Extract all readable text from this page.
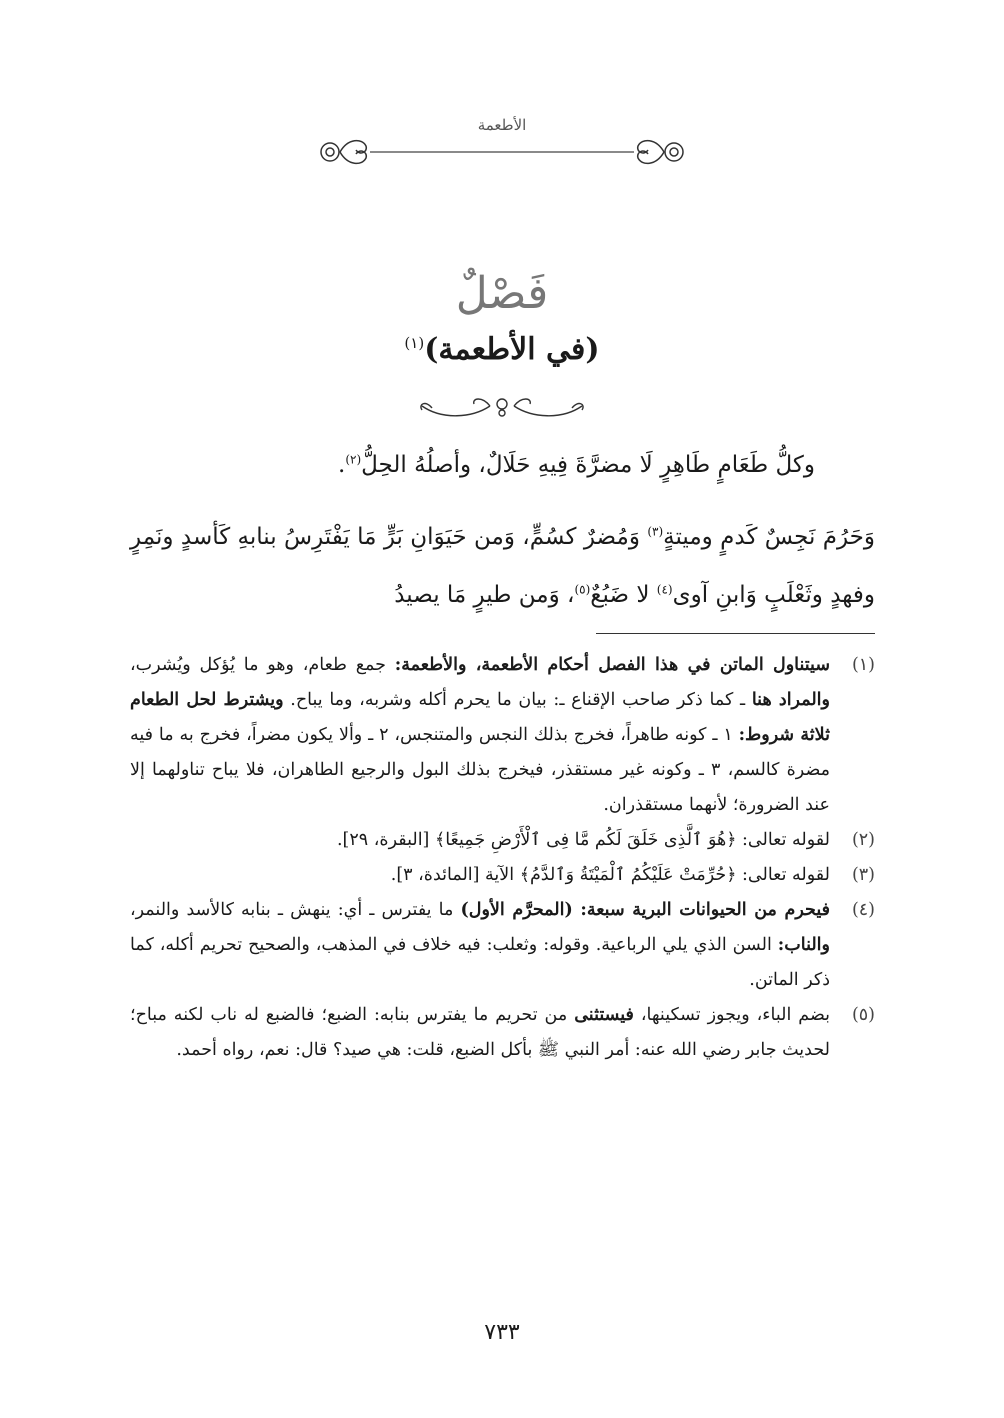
الأطعمة
فَصْلٌ
(في الأطعمة)$^{(١)}$
وكلُّ طَعَامٍ طَاهِرٍ لَا مضرَّةَ فِيهِ حَلَالٌ، وأصلُهُ الحِلُّ$^{(٢)}$.
وَحَرُمَ نَجِسٌ كَدمٍ وميتةٍ$^{(٣)}$ وَمُضرٌ كسُمٍّ، وَمن حَيَوَانِ بَرٍّ مَا يَفْتَرِسُ بنابهِ كَأسدٍ ونَمِرٍ وفهدٍ وثَعْلَبٍ وَابنِ آوى$^{(٤)}$ لا ضَبُعٌ$^{(٥)}$، وَمن طيرٍ مَا يصيدُ
(١)
سيتناول الماتن في هذا الفصل أحكام الأطعمة، والأطعمة: جمع طعام، وهو ما يُؤكل ويُشرب، والمراد هنا ـ كما ذكر صاحب الإقناع ـ: بيان ما يحرم أكله وشربه، وما يباح. ويشترط لحل الطعام ثلاثة شروط: ١ ـ كونه طاهراً، فخرج بذلك النجس والمتنجس، ٢ ـ وألا يكون مضراً، فخرج به ما فيه مضرة كالسم، ٣ ـ وكونه غير مستقذر، فيخرج بذلك البول والرجيع الطاهران، فلا يباح تناولهما إلا عند الضرورة؛ لأنهما مستقذران.
(٢)
لقوله تعالى: ﴿هُوَ ٱلَّذِى خَلَقَ لَكُم مَّا فِى ٱلْأَرْضِ جَمِيعًا﴾ [البقرة، ٢٩].
(٣)
لقوله تعالى: ﴿حُرِّمَتْ عَلَيْكُمُ ٱلْمَيْتَةُ وَٱلدَّمُ﴾ الآية [المائدة، ٣].
(٤)
فيحرم من الحيوانات البرية سبعة: (المحرَّم الأول) ما يفترس ـ أي: ينهش ـ بنابه كالأسد والنمر، والناب: السن الذي يلي الرباعية. وقوله: وثعلب: فيه خلاف في المذهب، والصحيح تحريم أكله، كما ذكر الماتن.
(٥)
بضم الباء، ويجوز تسكينها، فيستثنى من تحريم ما يفترس بنابه: الضبع؛ فالضبع له ناب لكنه مباح؛ لحديث جابر رضي الله عنه: أمر النبي ﷺ بأكل الضبع، قلت: هي صيد؟ قال: نعم، رواه أحمد.
٧٣٣
